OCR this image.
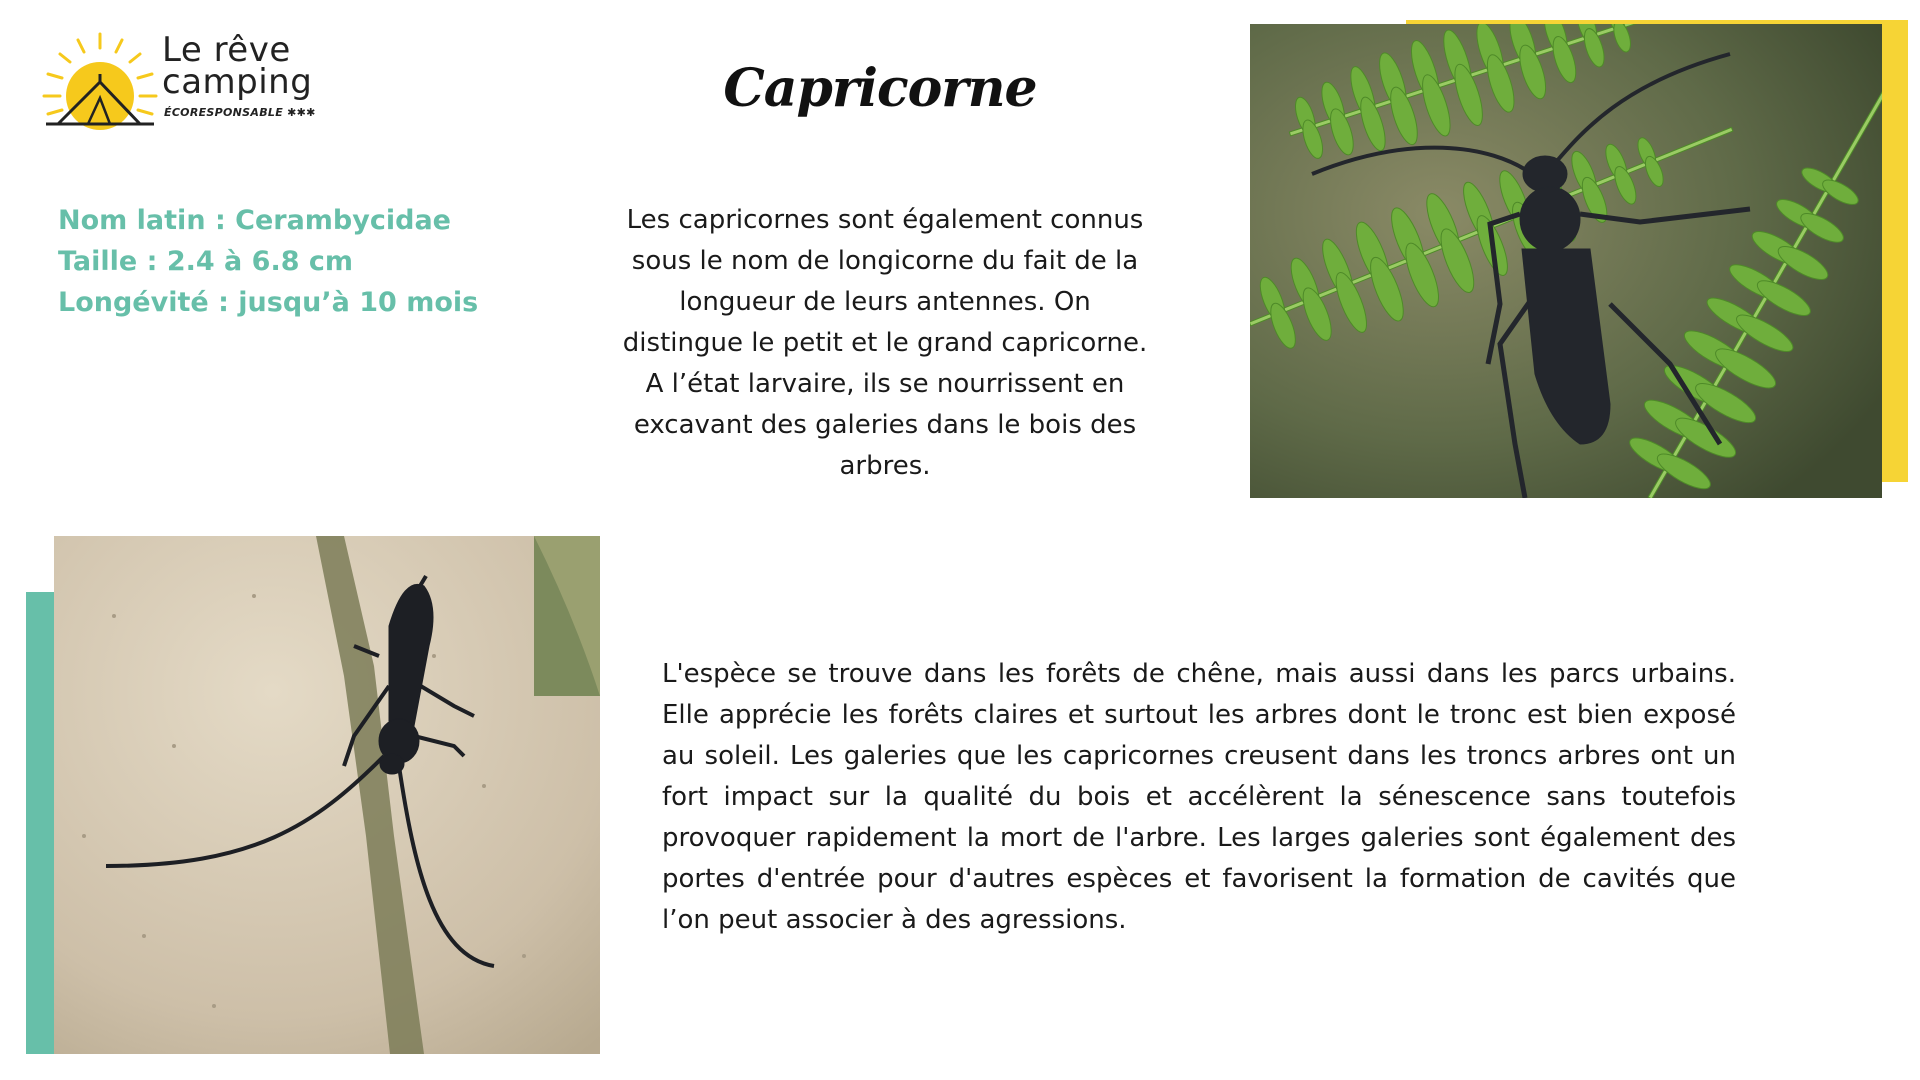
Le rêve
camping
ÉCORESPONSABLE ✱✱✱	Capricorne
Nom latin : Cerambycidae
Taille : 2.4 à 6.8 cm
Longévité : jusqu’à 10 mois
Les capricornes sont également connus sous le nom de longicorne du fait de la longueur de leurs antennes. On distingue le petit et le grand capricorne. A l’état larvaire, ils se nourrissent en excavant des galeries dans le bois des arbres.
L'espèce se trouve dans les forêts de chêne, mais aussi dans les parcs urbains. Elle apprécie les forêts claires et surtout les arbres dont le tronc est bien exposé au soleil. Les galeries que les capricornes creusent dans les troncs arbres ont un fort impact sur la qualité du bois et accélèrent la sénescence sans toutefois provoquer rapidement la mort de l'arbre. Les larges galeries sont également des portes d'entrée pour d'autres espèces et favorisent la formation de cavités que l’on peut associer à des agressions.
